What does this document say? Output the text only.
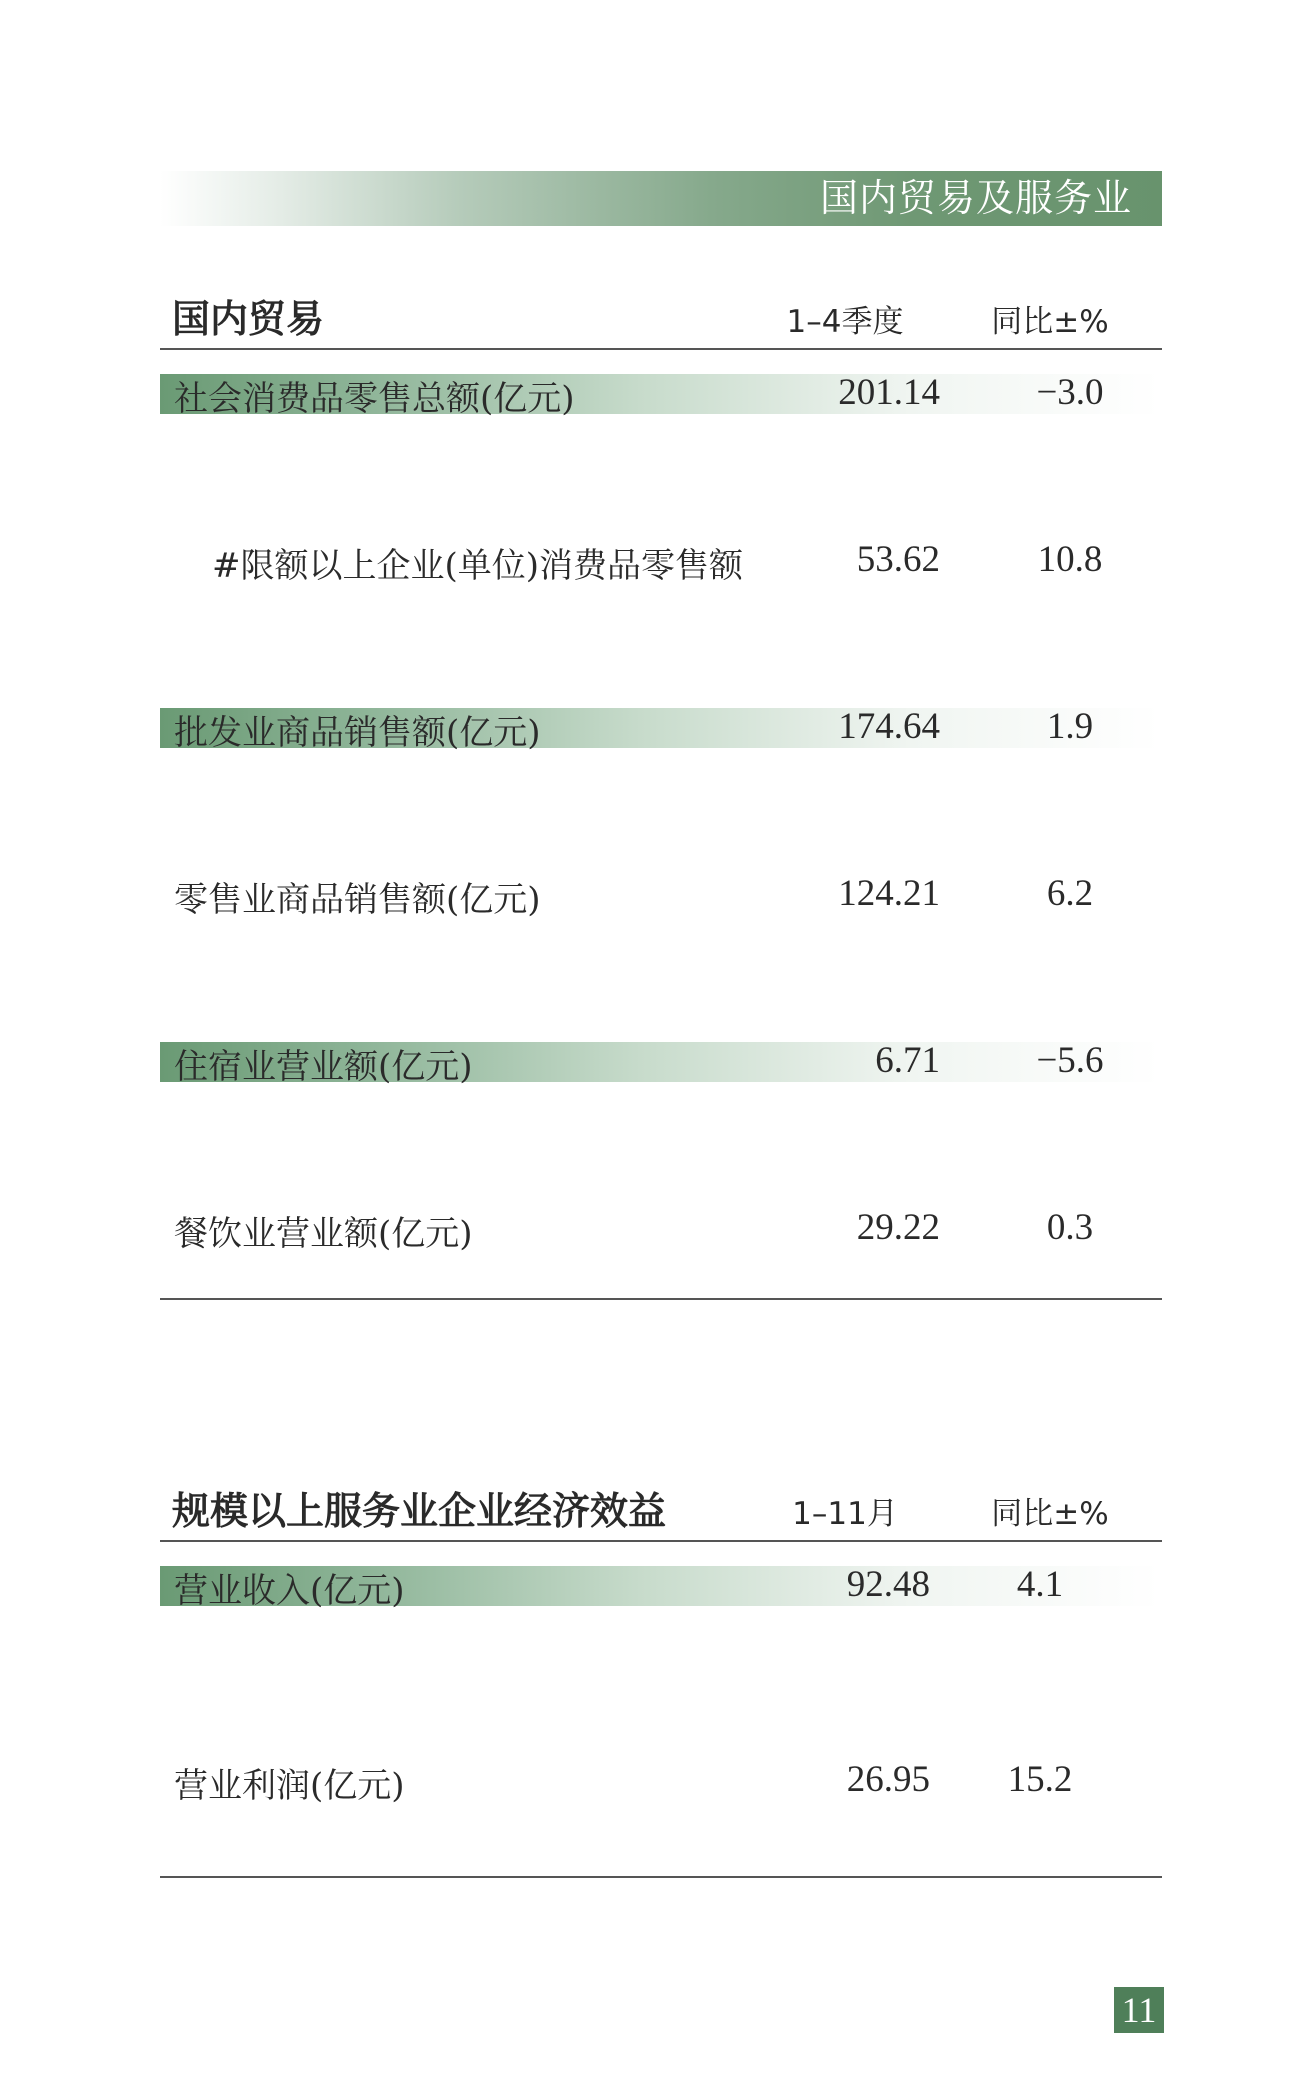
国内贸易及服务业
国内贸易	1–4季度	同比±%
社会消费品零售总额(亿元)	201.14	−3.0
#限额以上企业(单位)消费品零售额	53.62	10.8
批发业商品销售额(亿元)	174.64	1.9
零售业商品销售额(亿元)	124.21	6.2
住宿业营业额(亿元)	6.71	−5.6
餐饮业营业额(亿元)	29.22	0.3
规模以上服务业企业经济效益	1–11月	同比±%
营业收入(亿元)	92.48	4.1
营业利润(亿元)	26.95	15.2
11
